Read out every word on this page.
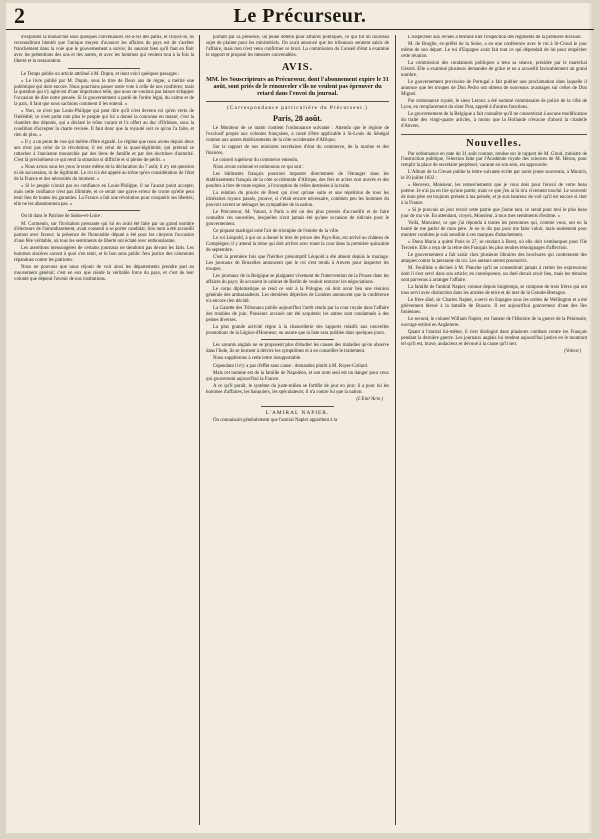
2	Le Précurseur.

d'exploiter la monarchie sous quelques convenances vis-à-vis des partis, et croyez-le, ils reconnaîtront bientôt que l'unique moyen d'avancer les affaires du pays est de s'arrêter franchement dans la voie que le gouvernement a suivie; ils sauront bien qu'il faut en finir avec les prétentions des uns et des autres, et avec les hommes qui veulent tout à la fois la liberté et la restauration.

Le Temps publie un article attribué à M. Dupin, et dont voici quelques passages :

« Le livre publié par M. Dupin, sous le titre de Deux ans de règne, a mérité une polémique qui dure encore. Nous pourrions passer notre vote à celle de nos confrères; mais la question qui s'y agite est d'une importance telle, que nous ne voulons pas laisser échapper l'occasion de dire notre pensée. Si le gouvernement a parlé de l'ordre légal, du calme et de la paix, il faut que nous sachions comment il les entend. »

« Non, ce n'est pas Louis-Philippe qui peut dire qu'il n'est devenu roi qu'en vertu de l'hérédité; ce n'est point non plus le peuple qui lui a donné la couronne en masse; c'est la chambre des députés, qui a déclaré le trône vacant et l'a offert au duc d'Orléans, sous la condition d'accepter la charte revisée. Il faut donc que la royauté soit ce qu'on l'a faite, et rien de plus. »

« Il y a un point de vue qui mérite d'être signalé. Le régime que nous avons depuis deux ans n'est pas celui de la révolution; il est celui de la quasi-légitimité, qui prétend se rattacher à l'ancienne monarchie par des liens de famille et par des doctrines d'autorité. C'est là précisément ce qui rend la situation si difficile et si pleine de périls. »

« Nous avons sous les yeux le texte même de la déclaration du 7 août; il n'y est question ni de succession, ni de légitimité. Le roi n'a été appelé au trône qu'en considération de l'état de la France et des nécessités du moment. »

« Si le peuple n'avait pas eu confiance en Louis-Philippe, il ne l'aurait point accepté; mais cette confiance n'est pas illimitée, et ce serait une grave erreur de croire qu'elle peut tenir lieu de toutes les garanties. La France a fait une révolution pour conquérir ses libertés; elle ne les abandonnera pas. »

On lit dans le Patriote de Saône-et-Loire :

M. Cormenin, sur l'invitation pressante qui lui en avait été faite par un grand nombre d'électeurs de l'arrondissement, avait consenti à se porter candidat. Son nom a été accueilli partout avec faveur; la présence de l'honorable député a été pour les citoyens l'occasion d'une fête véritable, où tous les sentiments de liberté ont éclaté avec enthousiasme.

Les assertions mensongères de certains journaux ne tiendront pas devant les faits. Les hommes sincères savent à quoi s'en tenir, et le bon sens public fera justice des calomnies répandues contre les patriotes.

Nous ne pouvons que nous réjouir de voir ainsi les départements prendre part au mouvement général; c'est en eux que réside la véritable force du pays, et c'est de leur volonté que dépend l'avenir de nos institutions.

portant par sa présence, un jeune détenu pour affaires politiques, ce qui fut un nouveau sujet de plainte pour les ministériels. On avait annoncé que les tribunaux seraient saisis de l'affaire, mais rien n'est venu confirmer ce bruit. La commission du Conseil d'état a examiné le rapport et proposé les mesures convenables.

AVIS.
MM. les Souscripteurs au Précurseur, dont l'abonnement expire le 31 août, sont priés de le renouveler s'ils ne veulent pas éprouver du retard dans l'envoi du journal.
(Correspondance particulière du Précurseur.)
Paris, 28 août.

Le Moniteur de ce matin contient l'ordonnance suivante : Attendu que le régime de l'exclusif propre aux colonies françaises, a cessé d'être applicable à St-Louis du Sénégal comme aux autres établissements de la côte occidentale d'Afrique;

Sur le rapport de nos ministres secrétaires d'état du commerce, de la marine et des finances,

Le conseil supérieur du commerce entendu,

Nous avons ordonné et ordonnons ce qui suit :

Les bâtiments français pourront importer directement de l'étranger dans les établissements français de la côte occidentale d'Afrique, des fers et aciers non ouvrés et des poudres à tirer de toute espèce, à l'exception de celles destinées à la traite.

La relation du procès de Brest qui n'est qu'une suite et une répétition de tous les itinéraires royaux passés, prouve, si c'était encore nécessaire, combien peu les hommes du pouvoir savent se ménager les sympathies de la nation.

Le Précurseur, M. Vatout, à Paris a été un des plus pressés d'accueillir et de faire connaître ces nouvelles, lesquelles n'ont jamais été qu'une occasion de ridicule pour le gouvernement.

Ce piquant madrigal orné l'air de triomphe de l'entrée de la ville.

Le roi Léopold, à qui on a donné le titre de prince des Pays-Bas, est arrivé au château de Compiègne; il y attend la reine qui doit arriver avec toute la cour dans la première quinzaine de septembre.

C'est la première fois que l'héritier présomptif Léopold a été absent depuis le mariage. Les journaux de Bruxelles annoncent que le roi s'est rendu à Anvers pour inspecter les troupes.

Les journaux de la Belgique se plaignent vivement de l'intervention de la Prusse dans les affaires du pays; ils accusent le cabinet de Berlin de vouloir entraver les négociations.

Le corps diplomatique se rend ce soir à la Pologne, où doit avoir lieu une réunion générale des ambassadeurs. Les dernières dépêches de Londres annoncent que la conférence n'a encore rien décidé.

La Gazette des Tribunaux publie aujourd'hui l'arrêt rendu par la cour royale dans l'affaire des troubles de juin. Plusieurs accusés ont été acquittés; les autres sont condamnés à des peines diverses.

La plus grande activité règne à la chancellerie des rapports relatifs aux nouvelles promotions de la Légion-d'Honneur; on assure que la liste sera publiée dans quelques jours.

Les savants anglais ne se proposent plus d'étudier les causes des maladies qu'on observe dans l'Inde, ils se bornent à décrire les symptômes et à en conseiller le traitement.

Nous supplierons à cette lettre insupportable.

Cependant il n'y a pas d'effet sans cause : demandez plutôt à M. Royer-Collard.

Mais cet homme est de la famille de Napoléon, et son nom seul est un danger pour ceux qui gouvernent aujourd'hui la France.

A ce qu'il paraît, le système du juste-milieu se fortifie de jour en jour; il a pour lui les hommes d'affaires, les banquiers, les spéculateurs; il n'a contre lui que la nation.

(L'Entr'Acte.)

L'AMIRAL NAPIER.

On connaissait généralement que l'amiral Napier appartient à la

L'inspecteur aux revues a terminé hier l'inspection des régiments de la première division.

M. de Broglie, ex-préfet de la Seine, a eu une conférence avec le roi à St-Cloud le jour même de son départ. Le roi d'Espagne avait fait tout ce qui dépendait de lui pour empêcher cette réunion.

La commission des condamnés politiques a tenu sa séance, présidée par le maréchal Gérard. Elle a examiné plusieurs demandes de grâce et en a accueilli favorablement un grand nombre.

Le gouvernement provisoire de Portugal a fait publier une proclamation dans laquelle il annonce que les troupes de Don Pedro ont obtenu de nouveaux avantages sur celles de Don Miguel.

Par ordonnance royale, le sieur Leroux a été nommé commissaire de police de la ville de Lyon, en remplacement du sieur Prat, appelé à d'autres fonctions.

Le gouvernement de la Belgique a fait connaître qu'il ne consentirait à aucune modification du traité des vingt-quatre articles, à moins que la Hollande n'évacue d'abord la citadelle d'Anvers.

Nouvelles.

Par ordonnance en date du 31 août courant, rendue sur le rapport de M. Girod, ministre de l'instruction publique, l'élection faite par l'Académie royale des sciences de M. Héron, pour remplir la place de secrétaire perpétuel, vacante en son sein, est approuvée.

L'Album de la Creuse publie la lettre suivante écrite par notre jeune souverain, à Munich, le 20 juillet 1832 :

« Recevez, Monsieur, les remerciements que je vous dois pour l'envoi de votre beau poème. Je n'ai pu en lire qu'une partie; mais ce que j'en ai lu m'a vivement touché. Le souvenir de mon père est toujours présent à ma pensée, et je suis heureux de voir qu'il est encore si cher à la France.

« Si je pouvais un jour revoir cette patrie que j'aime tant, ce serait pour moi le plus beau jour de ma vie. En attendant, croyez, Monsieur, à tous mes sentiments d'estime. »

Voilà, Monsieur, ce que j'ai répondu à toutes les personnes qui, comme vous, ont eu la bonté de me parler de mon père. Je ne le dis pas pour me faire valoir, mais seulement pour montrer combien je suis sensible à ces marques d'attachement.

« Dona Maria a quitté Paris le 27, se rendant à Brest, où elle doit s'embarquer pour l'île Terceire. Elle a reçu de la reine des Français les plus tendres témoignages d'affection.

Le gouvernement a fait saisir chez plusieurs libraires des brochures qui contiennent des attaques contre la personne du roi. Les auteurs seront poursuivis.

M. Feuillide a déclaré à M. Planche qu'il ne consentirait jamais à retirer les expressions dont il s'est servi dans son article; en conséquence, un duel devait avoir lieu, mais les témoins sont parvenus à arranger l'affaire.

La famille de l'amiral Napier, connue depuis longtemps, se compose de trois frères qui ont tous servi avec distinction dans les armées de terre et de mer de la Grande-Bretagne.

Le frère aîné, sir Charles Napier, a servi en Espagne sous les ordres de Wellington et a été grièvement blessé à la bataille de Busaco. Il est aujourd'hui gouverneur d'une des îles Ioniennes.

Le second, le colonel William Napier, est l'auteur de l'Histoire de la guerre de la Péninsule, ouvrage estimé en Angleterre.

Quant à l'amiral lui-même, il s'est distingué dans plusieurs combats contre les Français pendant la dernière guerre. Les journaux anglais lui rendent aujourd'hui justice en le montrant tel qu'il est, brave, audacieux et dévoué à la cause qu'il sert.

(Voleur.)
